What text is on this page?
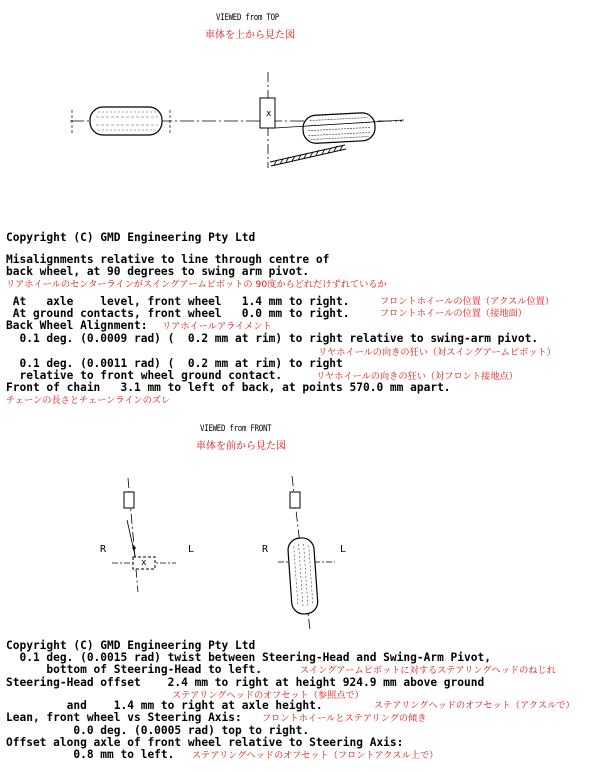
VIEWED from TOP
車体を上から見た図
x
Copyright (C) GMD Engineering Pty Ltd
Misalignments relative to line through centre of
back wheel, at 90 degrees to swing arm pivot.
リアホイールのセンターラインがスイングアームピボットの 90度からどれだけずれているか
At   axle    level, front wheel   1.4 mm to right.	フロントホイールの位置（アクスル位置）
At ground contacts, front wheel   0.0 mm to right.	フロントホイールの位置（接地面）
Back Wheel Alignment: リアホイールアライメント
0.1 deg. (0.0009 rad) (  0.2 mm at rim) to right relative to swing-arm pivot.
リヤホイールの向きの狂い（対スイングアームピボット）
0.1 deg. (0.0011 rad) (  0.2 mm at rim) to right
relative to front wheel ground contact.	リヤホイールの向きの狂い（対フロント接地点）
Front of chain   3.1 mm to left of back, at points 570.0 mm apart.
チェーンの長さとチェーンラインのズレ
VIEWED from FRONT
車体を前から見た図
R	L
x
R	L
Copyright (C) GMD Engineering Pty Ltd
0.1 deg. (0.0015 rad) twist between Steering-Head and Swing-Arm Pivot,
bottom of Steering-Head to left.	スイングアームピボットに対するステアリングヘッドのねじれ
Steering-Head offset    2.4 mm to right at height 924.9 mm above ground
ステアリングヘッドのオフセット（参照点で）
and    1.4 mm to right at axle height.	ステアリングヘッドのオフセット（アクスルで）
Lean, front wheel vs Steering Axis: フロントホイールとステアリングの傾き
0.0 deg. (0.0005 rad) top to right.
Offset along axle of front wheel relative to Steering Axis:
0.8 mm to left. ステアリングヘッドのオフセット（フロントアクスル上で）
